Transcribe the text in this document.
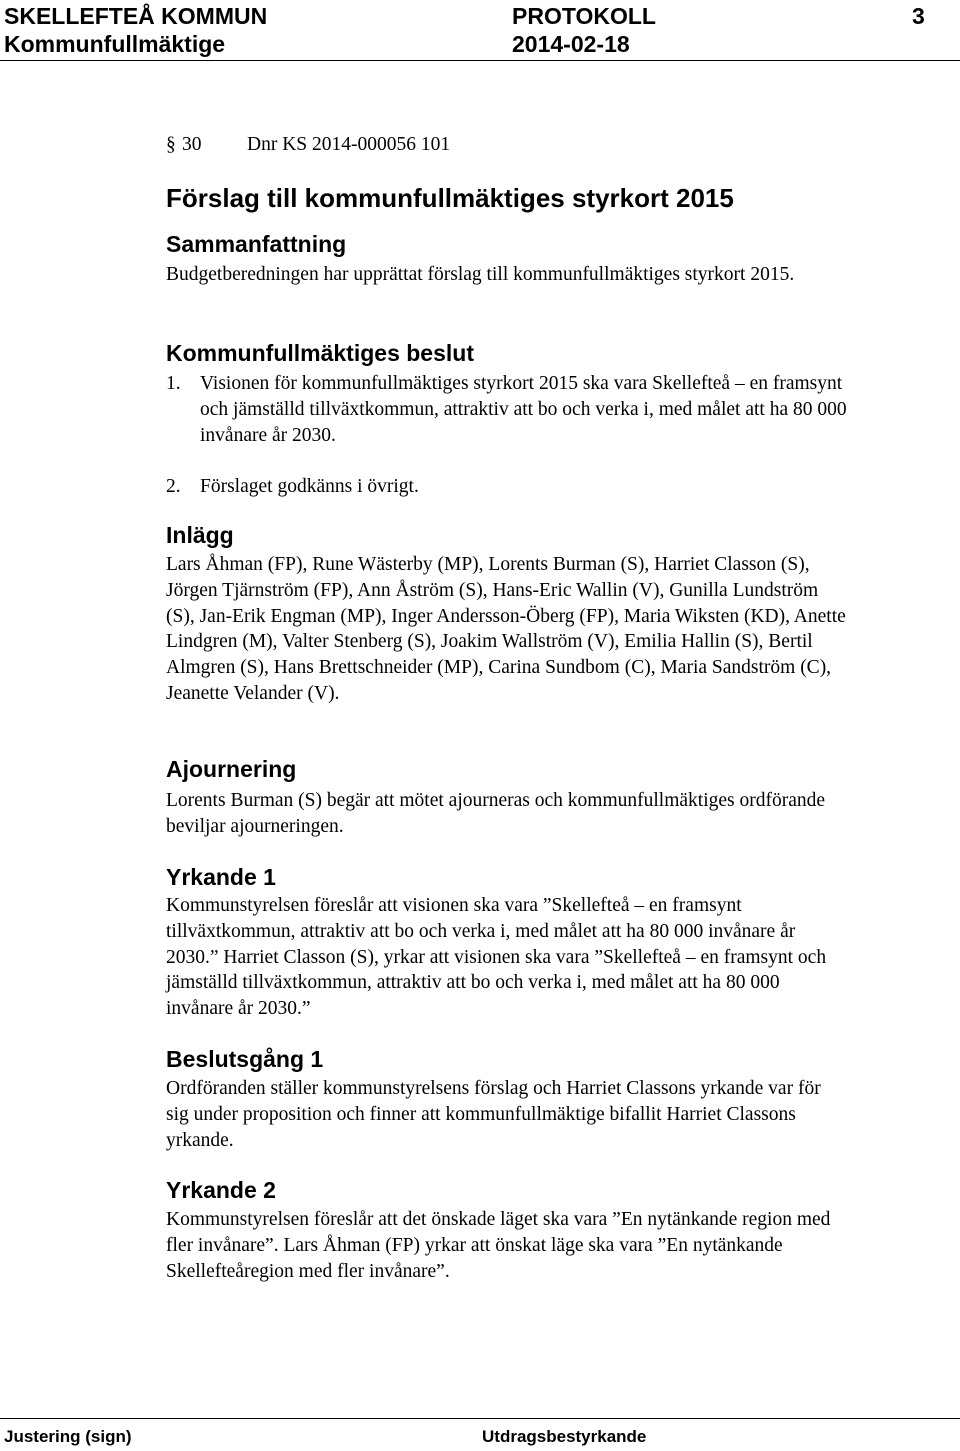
SKELLEFTEÅ KOMMUN	PROTOKOLL	3
Kommunfullmäktige	2014-02-18
§ 30 Dnr KS 2014-000056 101
Förslag till kommunfullmäktiges styrkort 2015
Sammanfattning

Budgetberedningen har upprättat förslag till kommunfullmäktiges styrkort 2015.

Kommunfullmäktiges beslut
1. Visionen för kommunfullmäktiges styrkort 2015 ska vara Skellefteå – en framsynt och jämställd tillväxtkommun, attraktiv att bo och verka i, med målet att ha 80 000 invånare år 2030.
2. Förslaget godkänns i övrigt.
Inlägg

Lars Åhman (FP), Rune Wästerby (MP), Lorents Burman (S), Harriet Classon (S), Jörgen Tjärnström (FP), Ann Åström (S), Hans-Eric Wallin (V), Gunilla Lundström (S), Jan-Erik Engman (MP), Inger Andersson-Öberg (FP), Maria Wiksten (KD), Anette Lindgren (M), Valter Stenberg (S), Joakim Wallström (V), Emilia Hallin (S), Bertil Almgren (S), Hans Brettschneider (MP), Carina Sundbom (C), Maria Sandström (C), Jeanette Velander (V).

Ajournering

Lorents Burman (S) begär att mötet ajourneras och kommunfullmäktiges ordförande beviljar ajourneringen.

Yrkande 1

Kommunstyrelsen föreslår att visionen ska vara ”Skellefteå – en framsynt tillväxtkommun, attraktiv att bo och verka i, med målet att ha 80 000 invånare år 2030.” Harriet Classon (S), yrkar att visionen ska vara ”Skellefteå – en framsynt och jämställd tillväxtkommun, attraktiv att bo och verka i, med målet att ha 80 000 invånare år 2030.”

Beslutsgång 1

Ordföranden ställer kommunstyrelsens förslag och Harriet Classons yrkande var för sig under proposition och finner att kommunfullmäktige bifallit Harriet Classons yrkande.

Yrkande 2

Kommunstyrelsen föreslår att det önskade läget ska vara ”En nytänkande region med fler invånare”. Lars Åhman (FP) yrkar att önskat läge ska vara ”En nytänkande Skellefteåregion med fler invånare”.

Justering (sign)	Utdragsbestyrkande
